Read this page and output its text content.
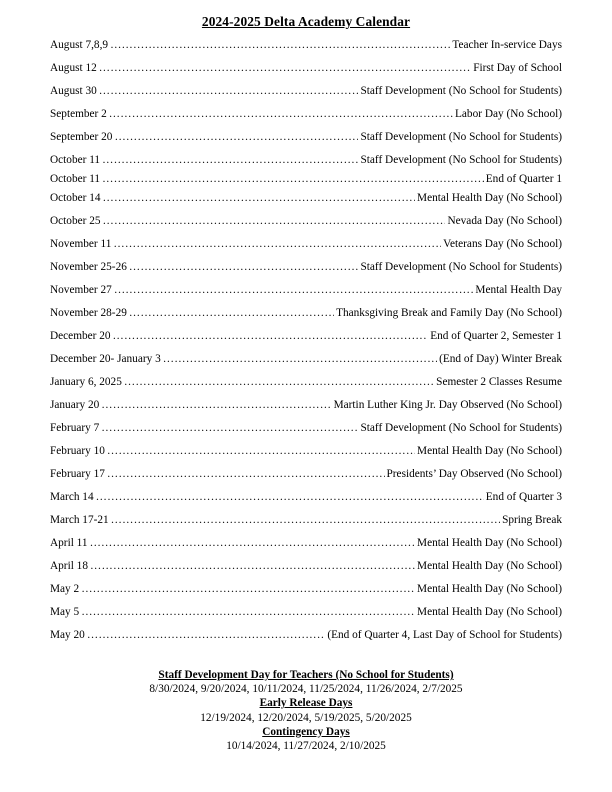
2024-2025 Delta Academy Calendar
August 7,8,9 …………………………………………………………………………………………………………………………………………………………………………………………	Teacher In-service Days
August 12 …………………………………………………………………………………………………………………………………………………………………………………………	First Day of School
August 30 …………………………………………………………………………………………………………………………………………………………………………………………	Staff Development (No School for Students)
September 2 …………………………………………………………………………………………………………………………………………………………………………………………	Labor Day (No School)
September 20 …………………………………………………………………………………………………………………………………………………………………………………………	Staff Development (No School for Students)
October 11 …………………………………………………………………………………………………………………………………………………………………………………………	Staff Development (No School for Students)
October 11 …………………………………………………………………………………………………………………………………………………………………………………………	End of Quarter 1
October 14 …………………………………………………………………………………………………………………………………………………………………………………………	Mental Health Day (No School)
October 25 …………………………………………………………………………………………………………………………………………………………………………………………	Nevada Day (No School)
November 11 …………………………………………………………………………………………………………………………………………………………………………………………	Veterans Day (No School)
November 25-26 …………………………………………………………………………………………………………………………………………………………………………………………	Staff Development (No School for Students)
November 27 …………………………………………………………………………………………………………………………………………………………………………………………	Mental Health Day
November 28-29 …………………………………………………………………………………………………………………………………………………………………………………………	Thanksgiving Break and Family Day (No School)
December 20 …………………………………………………………………………………………………………………………………………………………………………………………	End of Quarter 2, Semester 1
December 20- January 3 …………………………………………………………………………………………………………………………………………………………………………………………	(End of Day) Winter Break
January 6, 2025 …………………………………………………………………………………………………………………………………………………………………………………………	Semester 2 Classes Resume
January 20 …………………………………………………………………………………………………………………………………………………………………………………………	Martin Luther King Jr. Day Observed (No School)
February 7 …………………………………………………………………………………………………………………………………………………………………………………………	Staff Development (No School for Students)
February 10 …………………………………………………………………………………………………………………………………………………………………………………………	Mental Health Day (No School)
February 17 …………………………………………………………………………………………………………………………………………………………………………………………	Presidents’ Day Observed (No School)
March 14 …………………………………………………………………………………………………………………………………………………………………………………………	End of Quarter 3
March 17-21 …………………………………………………………………………………………………………………………………………………………………………………………	Spring Break
April 11 …………………………………………………………………………………………………………………………………………………………………………………………	Mental Health Day (No School)
April 18 …………………………………………………………………………………………………………………………………………………………………………………………	Mental Health Day (No School)
May 2 …………………………………………………………………………………………………………………………………………………………………………………………	Mental Health Day (No School)
May 5 …………………………………………………………………………………………………………………………………………………………………………………………	Mental Health Day (No School)
May 20 …………………………………………………………………………………………………………………………………………………………………………………………	(End of Quarter 4, Last Day of School for Students)
Staff Development Day for Teachers (No School for Students)
8/30/2024, 9/20/2024, 10/11/2024, 11/25/2024, 11/26/2024, 2/7/2025
Early Release Days
12/19/2024, 12/20/2024, 5/19/2025, 5/20/2025
Contingency Days
10/14/2024, 11/27/2024, 2/10/2025
